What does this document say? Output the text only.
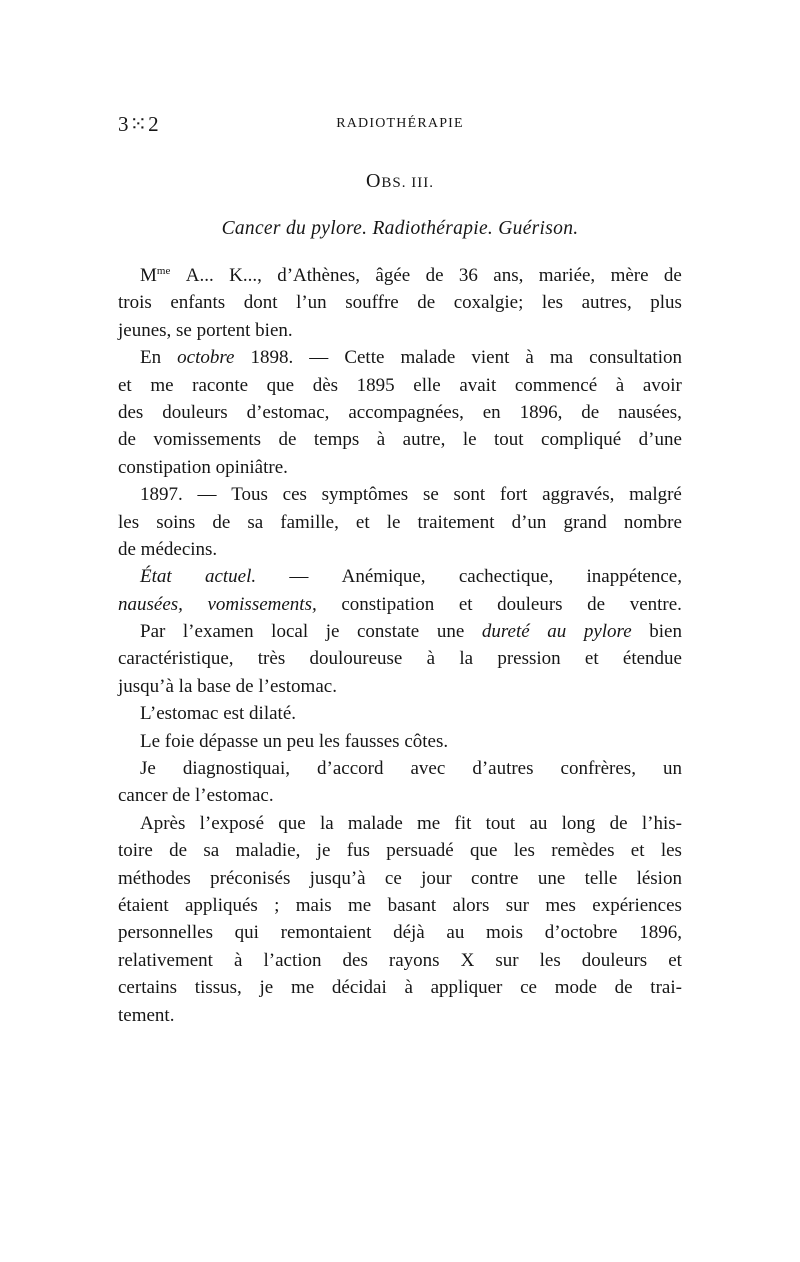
3⁙2	RADIOTHÉRAPIE
OBS. III.
Cancer du pylore. Radiothérapie. Guérison.
$M^{me}$ A... K..., d’Athènes, âgée de 36 ans, mariée, mère de
trois enfants dont l’un souffre de coxalgie; les autres, plus
jeunes, se portent bien.
En octobre 1898. — Cette malade vient à ma consultation
et me raconte que dès 1895 elle avait commencé à avoir
des douleurs d’estomac, accompagnées, en 1896, de nausées,
de vomissements de temps à autre, le tout compliqué d’une
constipation opiniâtre.
1897. — Tous ces symptômes se sont fort aggravés, malgré
les soins de sa famille, et le traitement d’un grand nombre
de médecins.
État actuel. — Anémique, cachectique, inappétence,
nausées, vomissements, constipation et douleurs de ventre.
Par l’examen local je constate une dureté au pylore bien
caractéristique, très douloureuse à la pression et étendue
jusqu’à la base de l’estomac.
L’estomac est dilaté.
Le foie dépasse un peu les fausses côtes.
Je diagnostiquai, d’accord avec d’autres confrères, un
cancer de l’estomac.
Après l’exposé que la malade me fit tout au long de l’his-
toire de sa maladie, je fus persuadé que les remèdes et les
méthodes préconisés jusqu’à ce jour contre une telle lésion
étaient appliqués ; mais me basant alors sur mes expériences
personnelles qui remontaient déjà au mois d’octobre 1896,
relativement à l’action des rayons X sur les douleurs et
certains tissus, je me décidai à appliquer ce mode de trai-
tement.
